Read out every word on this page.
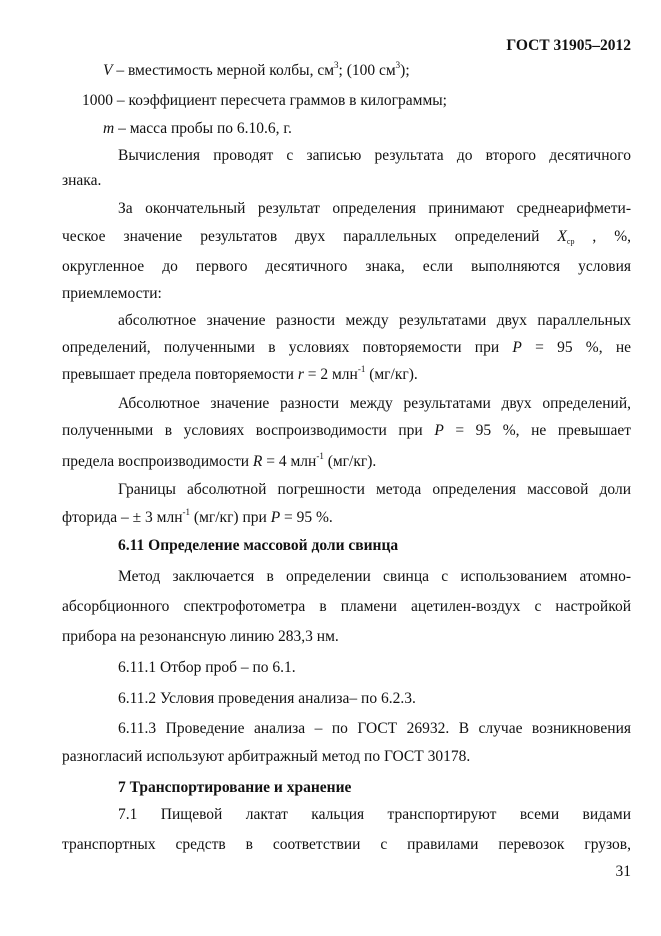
ГОСТ 31905–2012
V – вместимость мерной колбы, $см^3$; (100 $см^3$);
1000 – коэффициент пересчета граммов в килограммы;
m – масса пробы по 6.10.6, г.
Вычисления проводят с записью результата до второго десятичного
знака.
За окончательный результат определения принимают среднеарифмети-
ческое значение результатов двух параллельных определений $X_{ср}$ , %,
округленное до первого десятичного знака, если выполняются условия
приемлемости:
абсолютное значение разности между результатами двух параллельных
определений, полученными в условиях повторяемости при P = 95 %, не
превышает предела повторяемости r = 2 млн$^{-1}$ (мг/кг).
Абсолютное значение разности между результатами двух определений,
полученными в условиях воспроизводимости при P = 95 %, не превышает
предела воспроизводимости R = 4 млн$^{-1}$ (мг/кг).
Границы абсолютной погрешности метода определения массовой доли
фторида – ± 3 млн$^{-1}$ (мг/кг) при P = 95 %.
6.11 Определение массовой доли свинца
Метод заключается в определении свинца с использованием атомно-
абсорбционного спектрофотометра в пламени ацетилен-воздух с настройкой
прибора на резонансную линию 283,3 нм.
6.11.1 Отбор проб – по 6.1.
6.11.2 Условия проведения анализа– по 6.2.3.
6.11.3 Проведение анализа – по ГОСТ 26932. В случае возникновения
разногласий используют арбитражный метод по ГОСТ 30178.
7 Транспортирование и хранение
7.1 Пищевой лактат кальция транспортируют всеми видами
транспортных средств в соответствии с правилами перевозок грузов,
31
